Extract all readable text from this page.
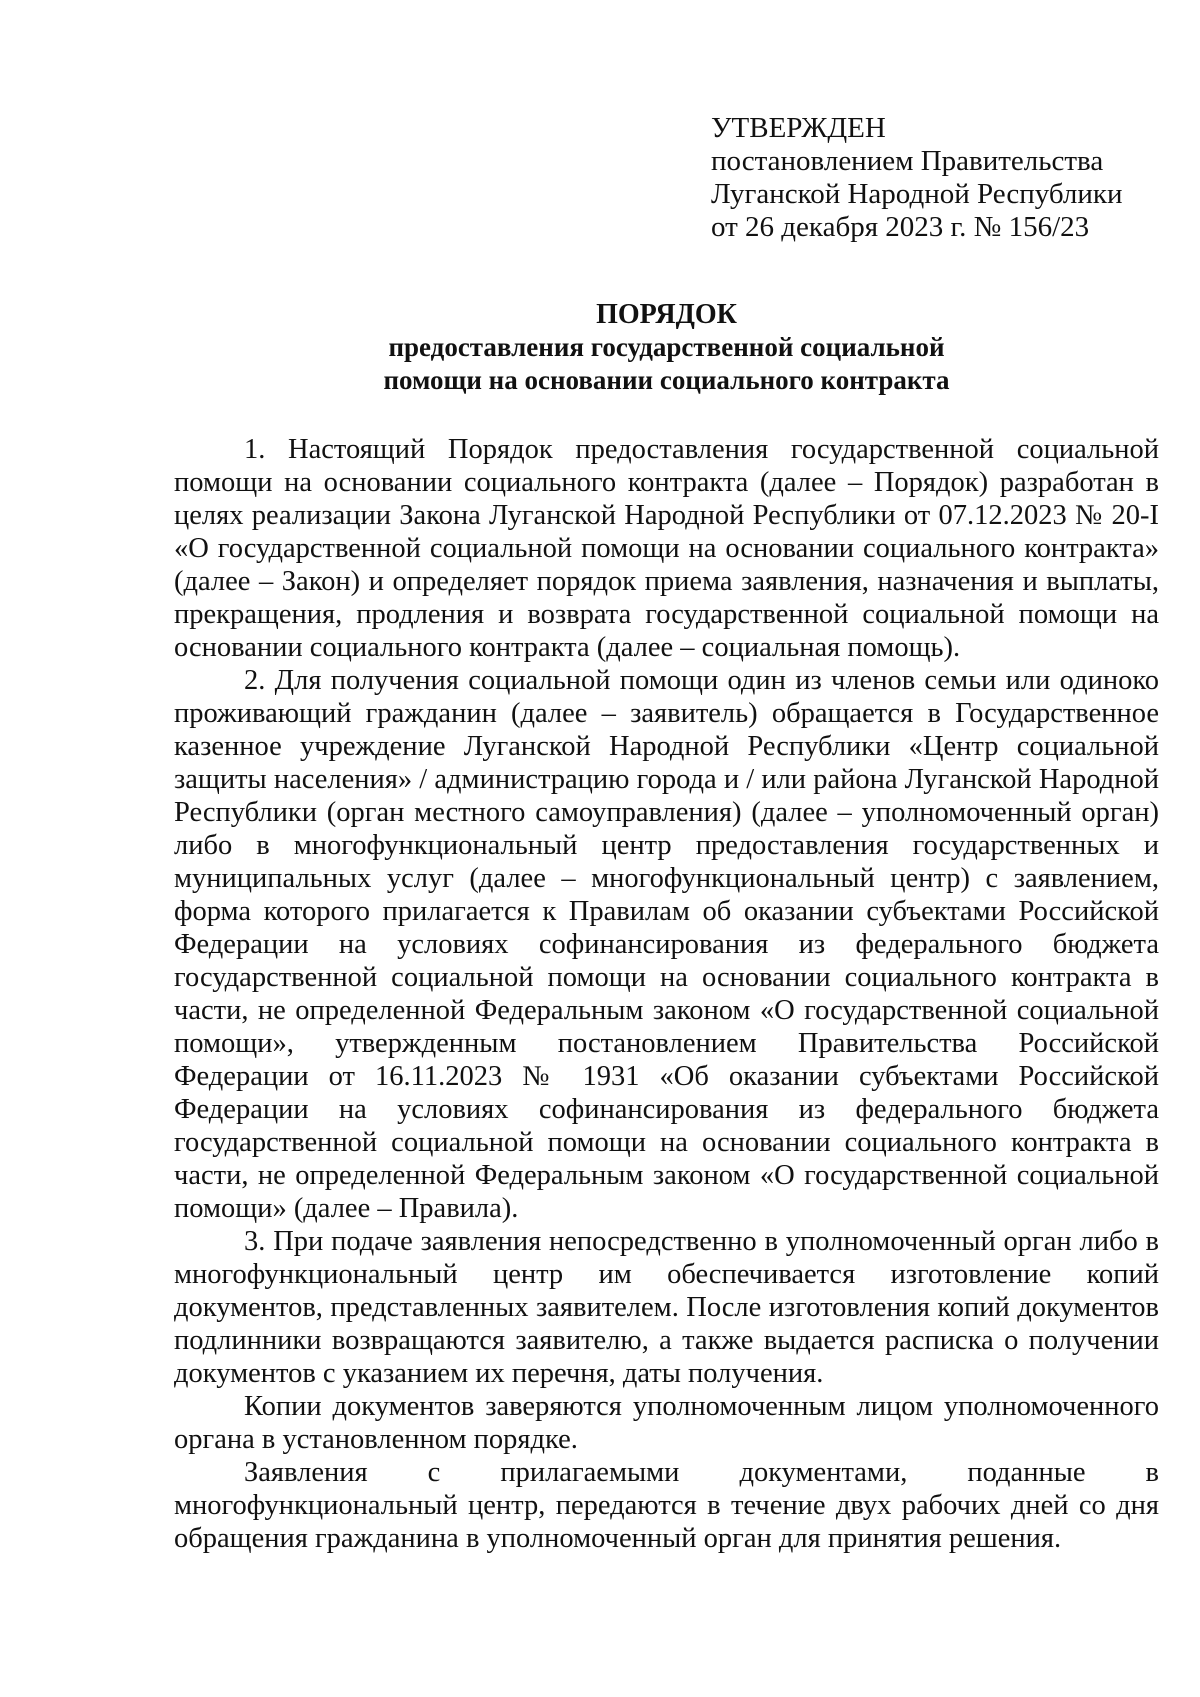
УТВЕРЖДЕН
постановлением Правительства
Луганской Народной Республики
от 26 декабря 2023 г. № 156/23
ПОРЯДОК
предоставления государственной социальной
помощи на основании социального контракта

1. Настоящий Порядок предоставления государственной социальной помощи на основании социального контракта (далее – Порядок) разработан в целях реализации Закона Луганской Народной Республики от 07.12.2023 № 20-I «О государственной социальной помощи на основании социального контракта» (далее – Закон) и определяет порядок приема заявления, назначения и выплаты, прекращения, продления и возврата государственной социальной помощи на основании социального контракта (далее – социальная помощь).

2. Для получения социальной помощи один из членов семьи или одиноко проживающий гражданин (далее – заявитель) обращается в Государственное казенное учреждение Луганской Народной Республики «Центр социальной защиты населения» / администрацию города и / или района Луганской Народной Республики (орган местного самоуправления) (далее – уполномоченный орган) либо в многофункциональный центр предоставления государственных и муниципальных услуг (далее – многофункциональный центр) с заявлением, форма которого прилагается к Правилам об оказании субъектами Российской Федерации на условиях софинансирования из федерального бюджета государственной социальной помощи на основании социального контракта в части, не определенной Федеральным законом «О государственной социальной помощи», утвержденным постановлением Правительства Российской Федерации от 16.11.2023 № 1931 «Об оказании субъектами Российской Федерации на условиях софинансирования из федерального бюджета государственной социальной помощи на основании социального контракта в части, не определенной Федеральным законом «О государственной социальной помощи» (далее – Правила).

3. При подаче заявления непосредственно в уполномоченный орган либо в многофункциональный центр им обеспечивается изготовление копий документов, представленных заявителем. После изготовления копий документов подлинники возвращаются заявителю, а также выдается расписка о получении документов с указанием их перечня, даты получения.

Копии документов заверяются уполномоченным лицом уполномоченного органа в установленном порядке.

Заявления с прилагаемыми документами, поданные в многофункциональный центр, передаются в течение двух рабочих дней со дня обращения гражданина в уполномоченный орган для принятия решения.
